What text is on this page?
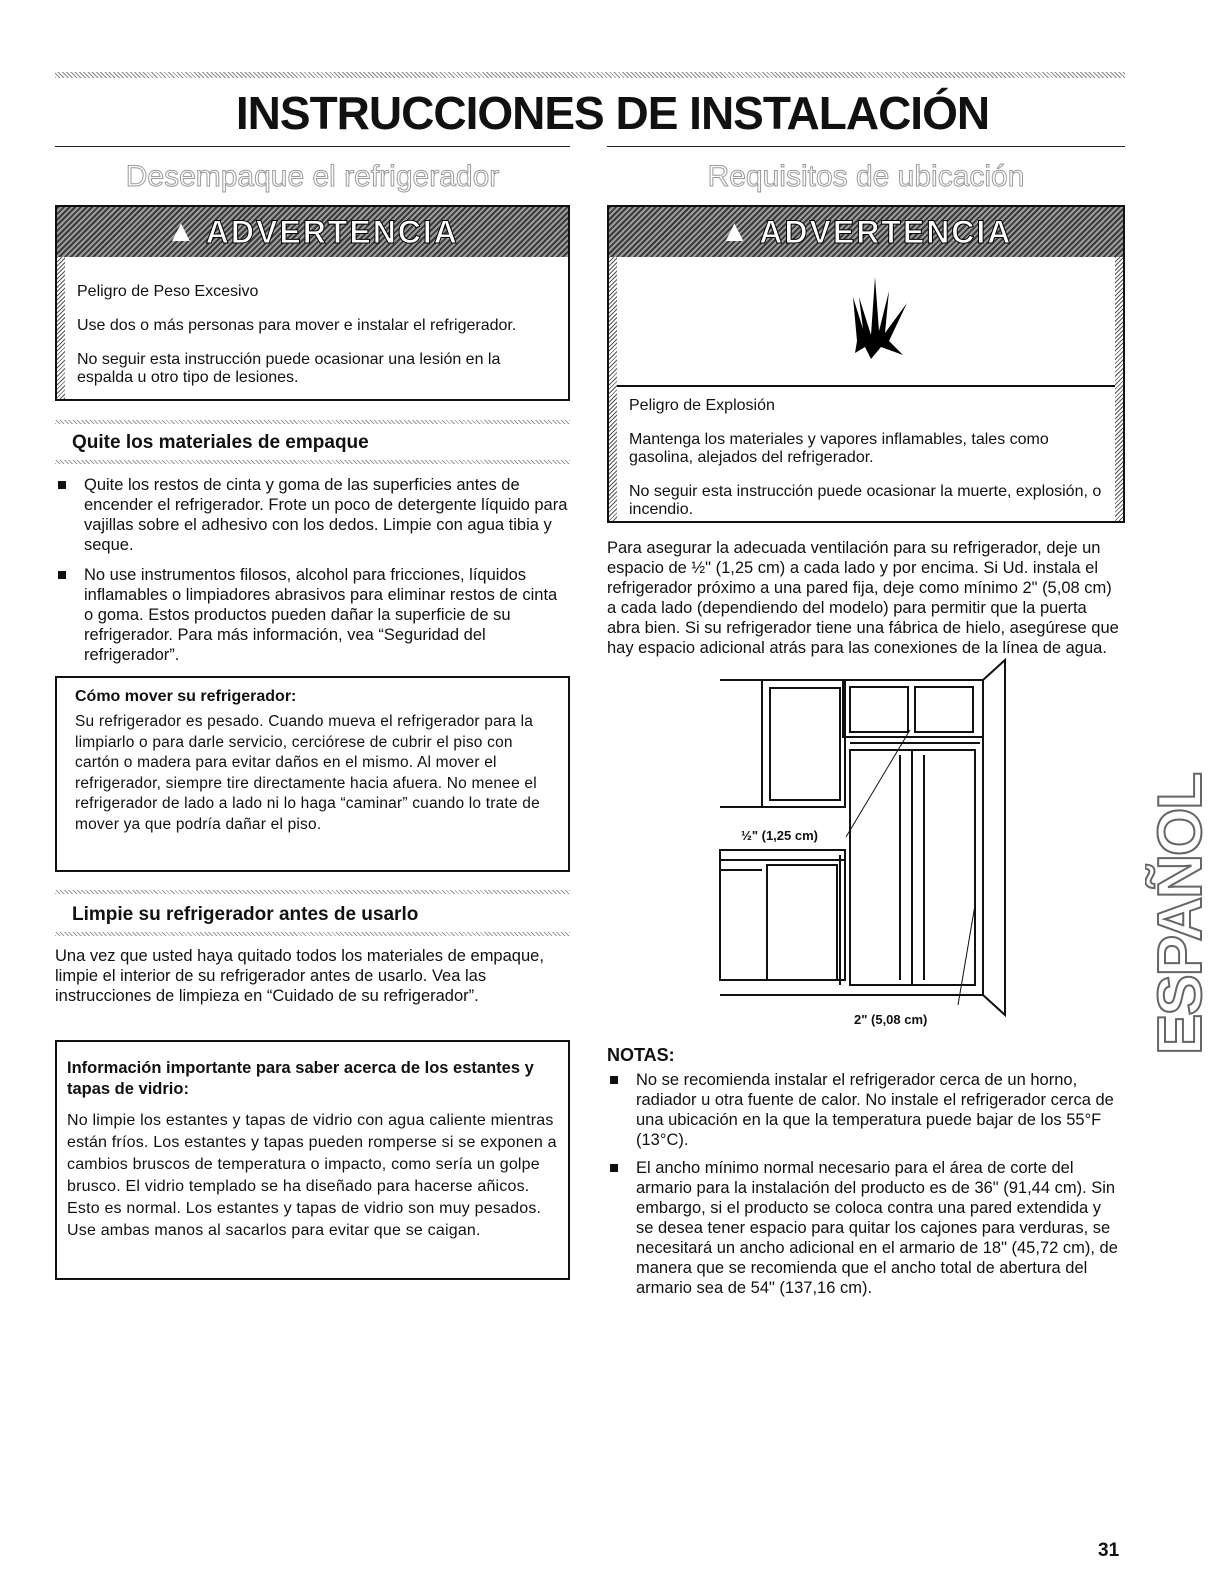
INSTRUCCIONES DE INSTALACIÓN
Desempaque el refrigerador
▲ ADVERTENCIA

Peligro de Peso Excesivo

Use dos o más personas para mover e instalar el refrigerador.

No seguir esta instrucción puede ocasionar una lesión en la espalda u otro tipo de lesiones.

Quite los materiales de empaque
Quite los restos de cinta y goma de las superficies antes de encender el refrigerador. Frote un poco de detergente líquido para vajillas sobre el adhesivo con los dedos. Limpie con agua tibia y seque.
No use instrumentos filosos, alcohol para fricciones, líquidos inflamables o limpiadores abrasivos para eliminar restos de cinta o goma. Estos productos pueden dañar la superficie de su refrigerador. Para más información, vea “Seguridad del refrigerador”.

Cómo mover su refrigerador:

Su refrigerador es pesado. Cuando mueva el refrigerador para la limpiarlo o para darle servicio, cerciórese de cubrir el piso con cartón o madera para evitar daños en el mismo. Al mover el refrigerador, siempre tire directamente hacia afuera. No menee el refrigerador de lado a lado ni lo haga “caminar” cuando lo trate de mover ya que podría dañar el piso.

Limpie su refrigerador antes de usarlo

Una vez que usted haya quitado todos los materiales de empaque, limpie el interior de su refrigerador antes de usarlo. Vea las instrucciones de limpieza en “Cuidado de su refrigerador”.

Información importante para saber acerca de los estantes y tapas de vidrio:

No limpie los estantes y tapas de vidrio con agua caliente mientras están fríos. Los estantes y tapas pueden romperse si se exponen a cambios bruscos de temperatura o impacto, como sería un golpe brusco. El vidrio templado se ha diseñado para hacerse añicos. Esto es normal. Los estantes y tapas de vidrio son muy pesados. Use ambas manos al sacarlos para evitar que se caigan.

Requisitos de ubicación
▲ ADVERTENCIA

Peligro de Explosión

Mantenga los materiales y vapores inflamables, tales como gasolina, alejados del refrigerador.

No seguir esta instrucción puede ocasionar la muerte, explosión, o incendio.

Para asegurar la adecuada ventilación para su refrigerador, deje un espacio de ½" (1,25 cm) a cada lado y por encima. Si Ud. instala el refrigerador próximo a una pared fija, deje como mínimo 2" (5,08 cm) a cada lado (dependiendo del modelo) para permitir que la puerta abra bien. Si su refrigerador tiene una fábrica de hielo, asegúrese que hay espacio adicional atrás para las conexiones de la línea de agua.

½" (1,25 cm)
2" (5,08 cm)
NOTAS:
No se recomienda instalar el refrigerador cerca de un horno, radiador u otra fuente de calor. No instale el refrigerador cerca de una ubicación en la que la temperatura puede bajar de los 55°F (13°C).
El ancho mínimo normal necesario para el área de corte del armario para la instalación del producto es de 36" (91,44 cm). Sin embargo, si el producto se coloca contra una pared extendida y se desea tener espacio para quitar los cajones para verduras, se necesitará un ancho adicional en el armario de 18" (45,72 cm), de manera que se recomienda que el ancho total de abertura del armario sea de 54" (137,16 cm).
ESPAÑOL
31
